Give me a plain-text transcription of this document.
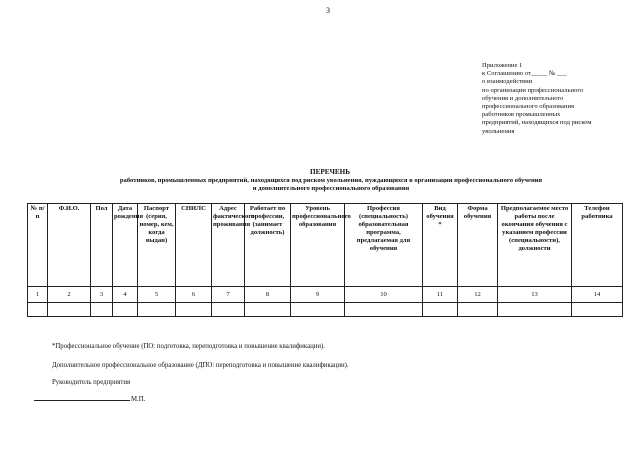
3
Приложение 1
к Соглашению от_____ № ___
о взаимодействии
по организации профессионального
обучения и дополнительного
профессионального образования
работников промышленных
предприятий, находящихся под риском
увольнения
ПЕРЕЧЕНЬ
работников, промышленных предприятий, находящихся под риском увольнения, нуждающихся в организации профессионального обучения
и дополнительного профессионального образования
№ п/п	Ф.И.О.	Пол	Дата рождения	Паспорт (серия, номер, кем, когда выдан)	СНИЛС	Адрес фактического проживания	Работает по профессии, (занимает должность)	Уровень профессионального образования	Профессия (специальность) образовательная программа, предлагаемая для обучения	Вид обучения *	Форма обучения	Предполагаемое место работы после окончания обучения с указанием профессии (специальности), должности	Телефон работника
1	2	3	4	5	6	7	8	9	10	11	12	13	14

*Профессиональное обучение (ПО: подготовка, переподготовка и повышение квалификации).
Дополнительное профессиональное образование (ДПО: переподготовка и повышение квалификации).
Руководитель предприятия
М.П.
